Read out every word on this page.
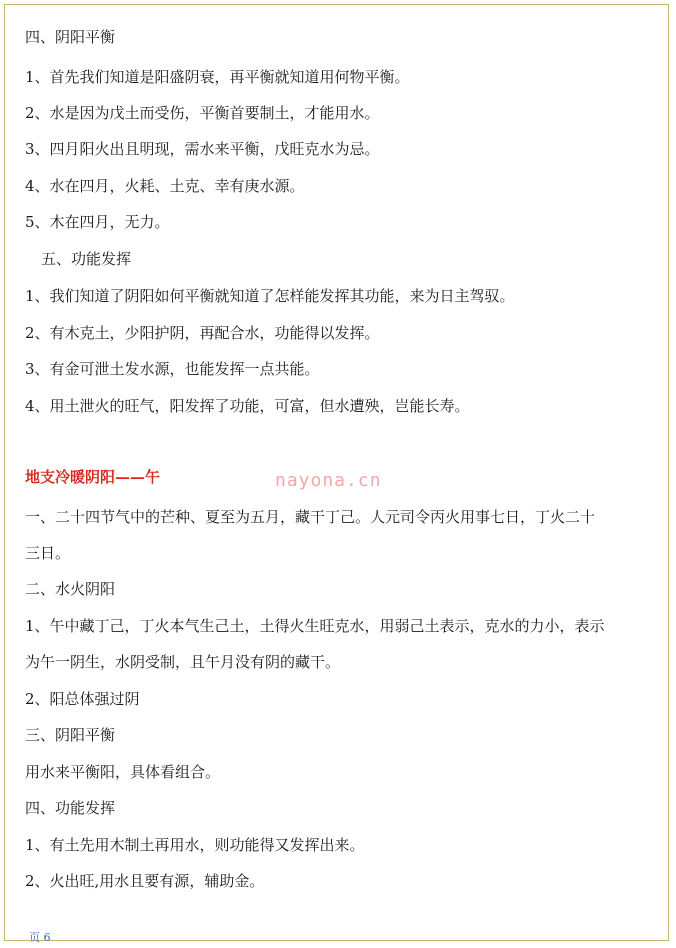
四、阴阳平衡
1、首先我们知道是阳盛阴衰，再平衡就知道用何物平衡。
2、水是因为戊土而受伤，平衡首要制土，才能用水。
3、四月阳火出且明现，需水来平衡，戊旺克水为忌。
4、水在四月，火耗、土克、幸有庚水源。
5、木在四月，无力。
五、功能发挥
1、我们知道了阴阳如何平衡就知道了怎样能发挥其功能，来为日主驾驭。
2、有木克土，少阳护阴，再配合水，功能得以发挥。
3、有金可泄土发水源，也能发挥一点共能。
4、用土泄火的旺气，阳发挥了功能，可富，但水遭殃，岂能长寿。
地支冷暖阴阳——午
一、二十四节气中的芒种、夏至为五月，藏干丁己。人元司令丙火用事七日，丁火二十
三日。
二、水火阴阳
1、午中藏丁己，丁火本气生己土，土得火生旺克水，用弱己土表示，克水的力小，表示
为午一阴生，水阴受制，且午月没有阴的藏干。
2、阳总体强过阴
三、阴阳平衡
用水来平衡阳，具体看组合。
四、功能发挥
1、有土先用木制土再用水，则功能得又发挥出来。
2、火出旺,用水且要有源，辅助金。
nayona.cn
页 6
